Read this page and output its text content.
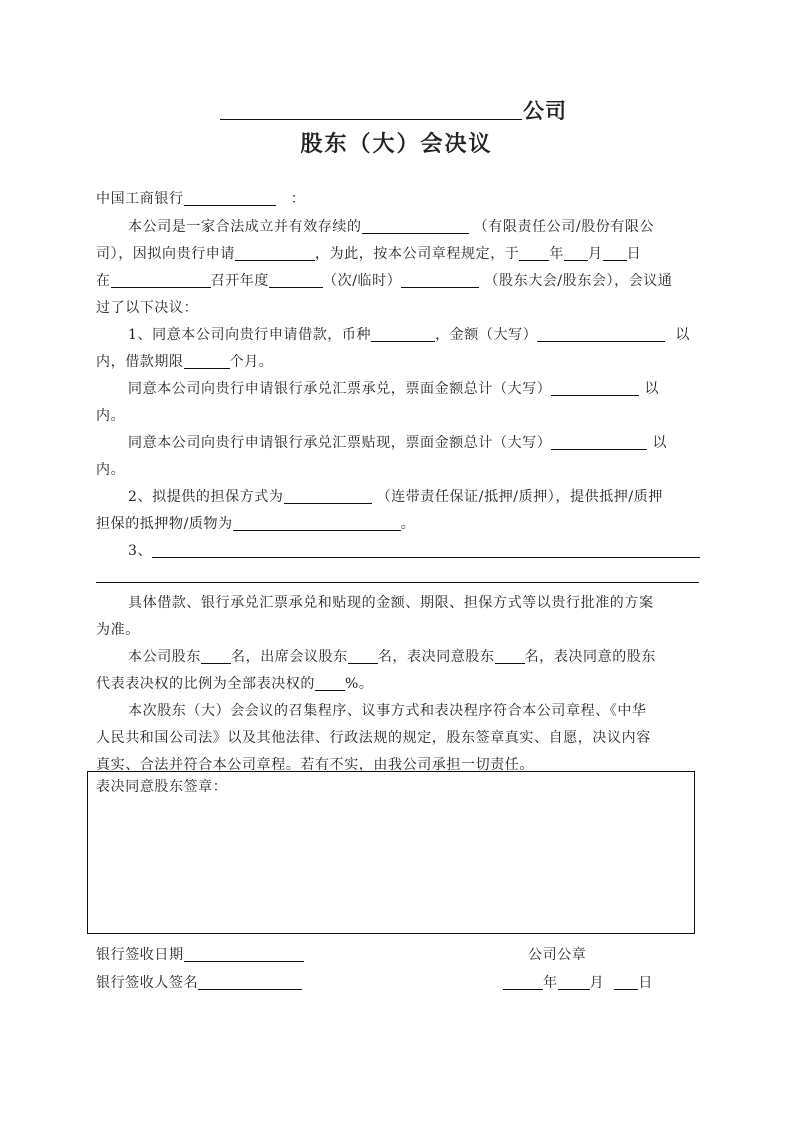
公司
股东（大）会决议
中国工商银行	：
本公司是一家合法成立并有效存续的	（有限责任公司/股份有限公
司），因拟向贵行申请	，为此，按本公司章程规定，于 年 月 日
在	召开年度	（次/临时）	（股东大会/股东会），会议通
过了以下决议：
1、同意本公司向贵行申请借款，币种	，金额（大写）	以
内，借款期限	个月。
同意本公司向贵行申请银行承兑汇票承兑，票面金额总计（大写）	以
内。
同意本公司向贵行申请银行承兑汇票贴现，票面金额总计（大写）	以
内。
2、拟提供的担保方式为	（连带责任保证/抵押/质押），提供抵押/质押
担保的抵押物/质物为	。
3、
具体借款、银行承兑汇票承兑和贴现的金额、期限、担保方式等以贵行批准的方案
为准。
本公司股东 名，出席会议股东 名，表决同意股东 名，表决同意的股东
代表表决权的比例为全部表决权的 %。
本次股东（大）会会议的召集程序、议事方式和表决程序符合本公司章程、《中华
人民共和国公司法》以及其他法律、行政法规的规定，股东签章真实、自愿，决议内容
真实、合法并符合本公司章程。若有不实，由我公司承担一切责任。
表决同意股东签章：
银行签收日期	公司公章
银行签收人签名	年 月 日
